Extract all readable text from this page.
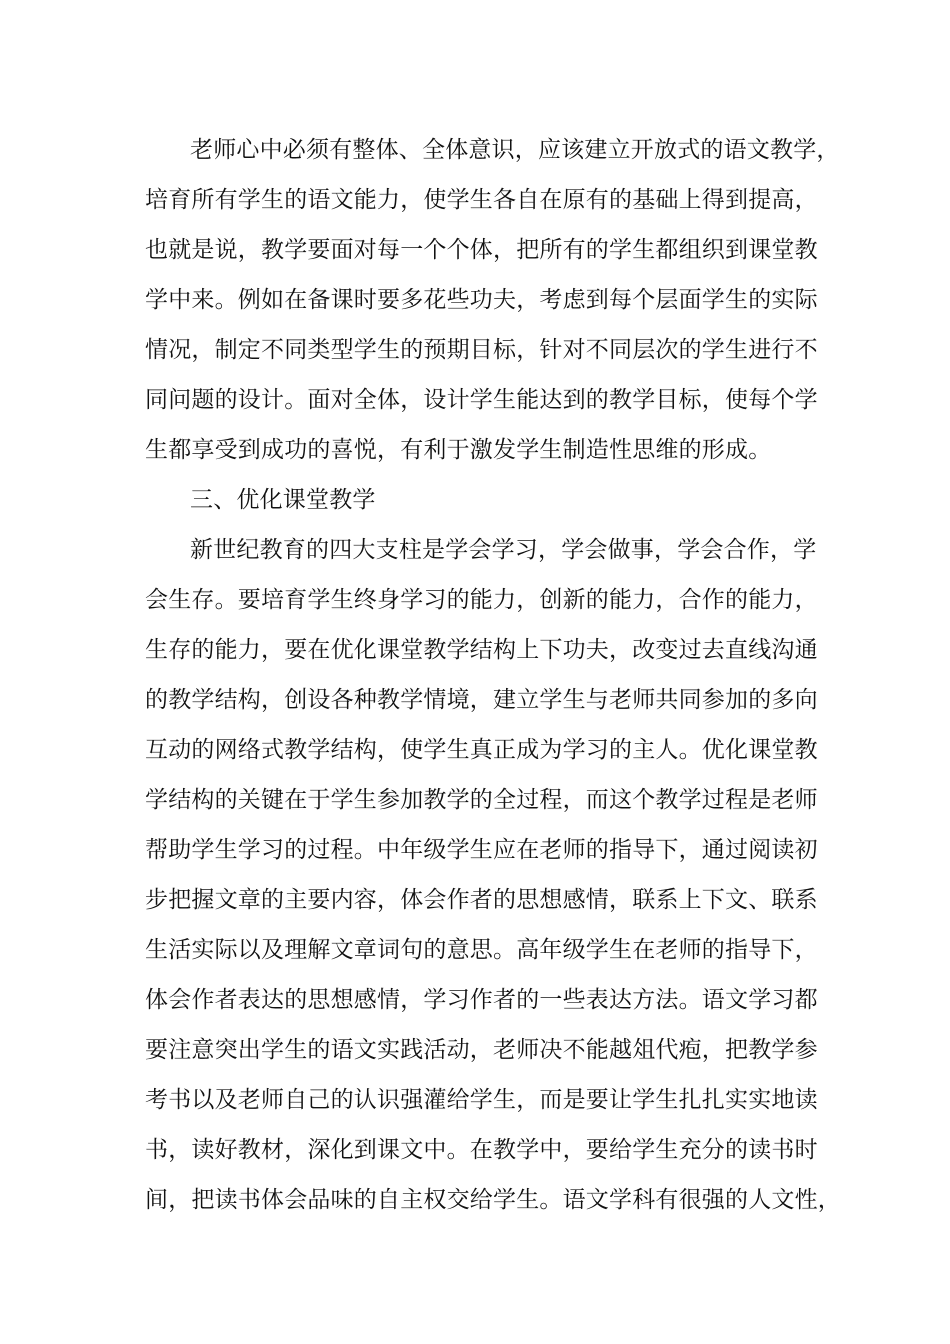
老师心中必须有整体、全体意识，应该建立开放式的语文教学，
培育所有学生的语文能力，使学生各自在原有的基础上得到提高，
也就是说，教学要面对每一个个体，把所有的学生都组织到课堂教
学中来。例如在备课时要多花些功夫，考虑到每个层面学生的实际
情况，制定不同类型学生的预期目标，针对不同层次的学生进行不
同问题的设计。面对全体，设计学生能达到的教学目标，使每个学
生都享受到成功的喜悦，有利于激发学生制造性思维的形成。
三、优化课堂教学
新世纪教育的四大支柱是学会学习，学会做事，学会合作，学
会生存。要培育学生终身学习的能力，创新的能力，合作的能力，
生存的能力，要在优化课堂教学结构上下功夫，改变过去直线沟通
的教学结构，创设各种教学情境，建立学生与老师共同参加的多向
互动的网络式教学结构，使学生真正成为学习的主人。优化课堂教
学结构的关键在于学生参加教学的全过程，而这个教学过程是老师
帮助学生学习的过程。中年级学生应在老师的指导下，通过阅读初
步把握文章的主要内容，体会作者的思想感情，联系上下文、联系
生活实际以及理解文章词句的意思。高年级学生在老师的指导下，
体会作者表达的思想感情，学习作者的一些表达方法。语文学习都
要注意突出学生的语文实践活动，老师决不能越俎代疱，把教学参
考书以及老师自己的认识强灌给学生，而是要让学生扎扎实实地读
书，读好教材，深化到课文中。在教学中，要给学生充分的读书时
间，把读书体会品味的自主权交给学生。语文学科有很强的人文性，
